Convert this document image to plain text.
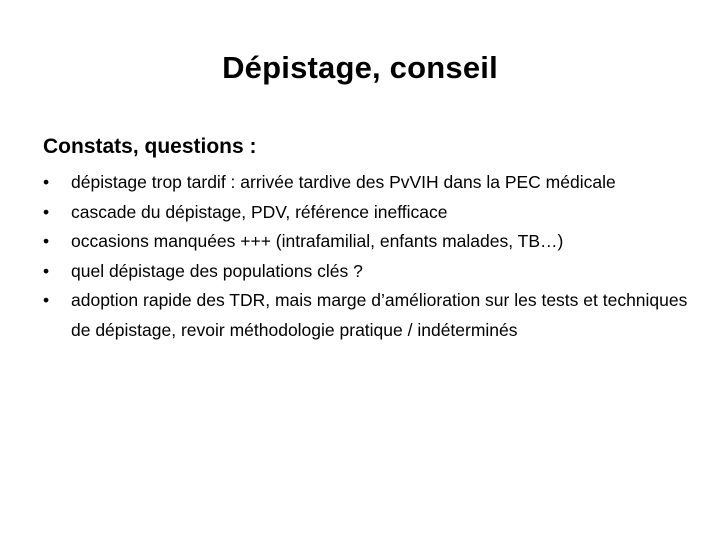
Dépistage, conseil
Constats, questions :
•	dépistage trop tardif : arrivée tardive des PvVIH dans la PEC médicale
•	cascade du dépistage, PDV, référence inefficace
•	occasions manquées +++ (intrafamilial, enfants malades, TB…)
•	quel dépistage des populations clés ?
•	adoption rapide des TDR, mais marge d’amélioration sur les tests et techniques de dépistage, revoir méthodologie pratique / indéterminés
